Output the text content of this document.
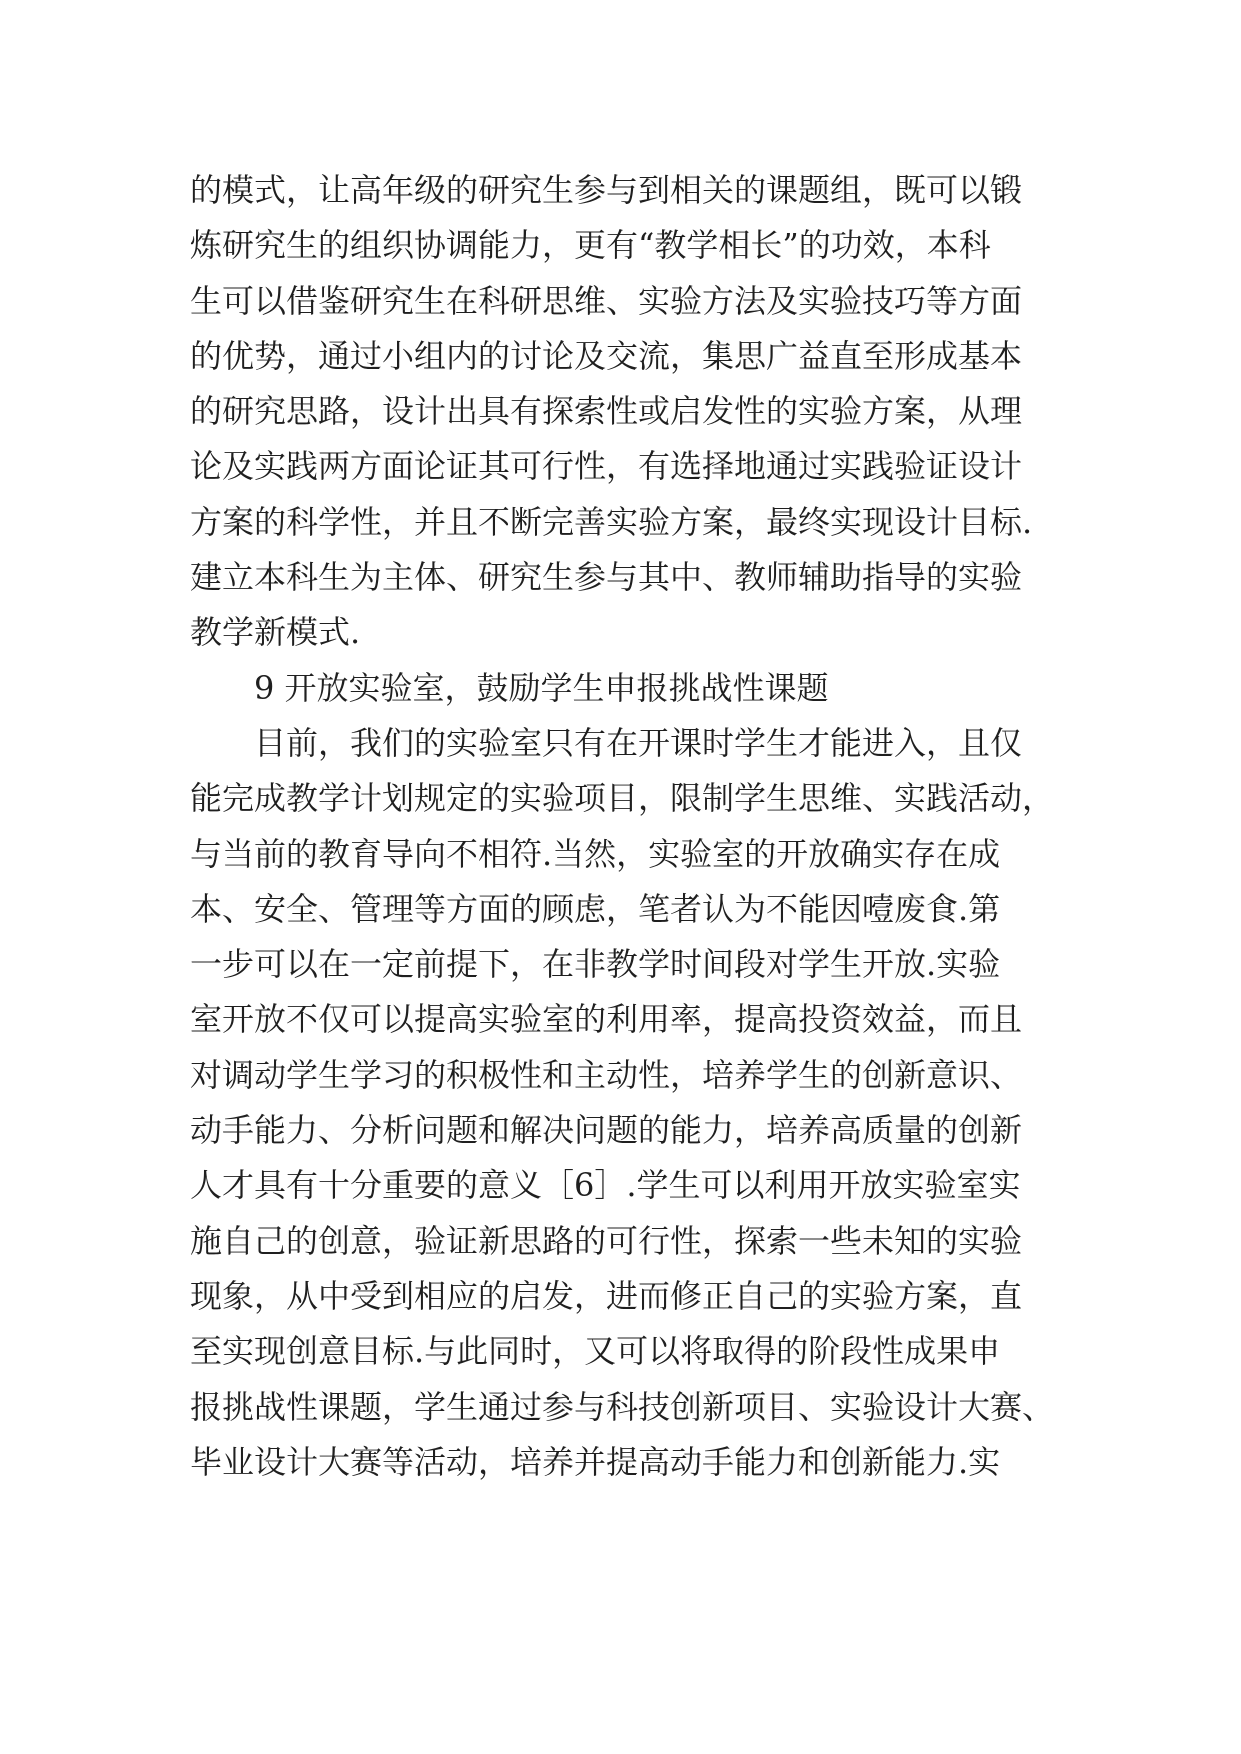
的模式，让高年级的研究生参与到相关的课题组，既可以锻
炼研究生的组织协调能力，更有“教学相长”的功效，本科
生可以借鉴研究生在科研思维、实验方法及实验技巧等方面
的优势，通过小组内的讨论及交流，集思广益直至形成基本
的研究思路，设计出具有探索性或启发性的实验方案，从理
论及实践两方面论证其可行性，有选择地通过实践验证设计
方案的科学性，并且不断完善实验方案，最终实现设计目标.
建立本科生为主体、研究生参与其中、教师辅助指导的实验
教学新模式.
9 开放实验室，鼓励学生申报挑战性课题
目前，我们的实验室只有在开课时学生才能进入，且仅
能完成教学计划规定的实验项目，限制学生思维、实践活动，
与当前的教育导向不相符.当然，实验室的开放确实存在成
本、安全、管理等方面的顾虑，笔者认为不能因噎废食.第
一步可以在一定前提下，在非教学时间段对学生开放.实验
室开放不仅可以提高实验室的利用率，提高投资效益，而且
对调动学生学习的积极性和主动性，培养学生的创新意识、
动手能力、分析问题和解决问题的能力，培养高质量的创新
人才具有十分重要的意义［6］.学生可以利用开放实验室实
施自己的创意，验证新思路的可行性，探索一些未知的实验
现象，从中受到相应的启发，进而修正自己的实验方案，直
至实现创意目标.与此同时，又可以将取得的阶段性成果申
报挑战性课题，学生通过参与科技创新项目、实验设计大赛、
毕业设计大赛等活动，培养并提高动手能力和创新能力.实
